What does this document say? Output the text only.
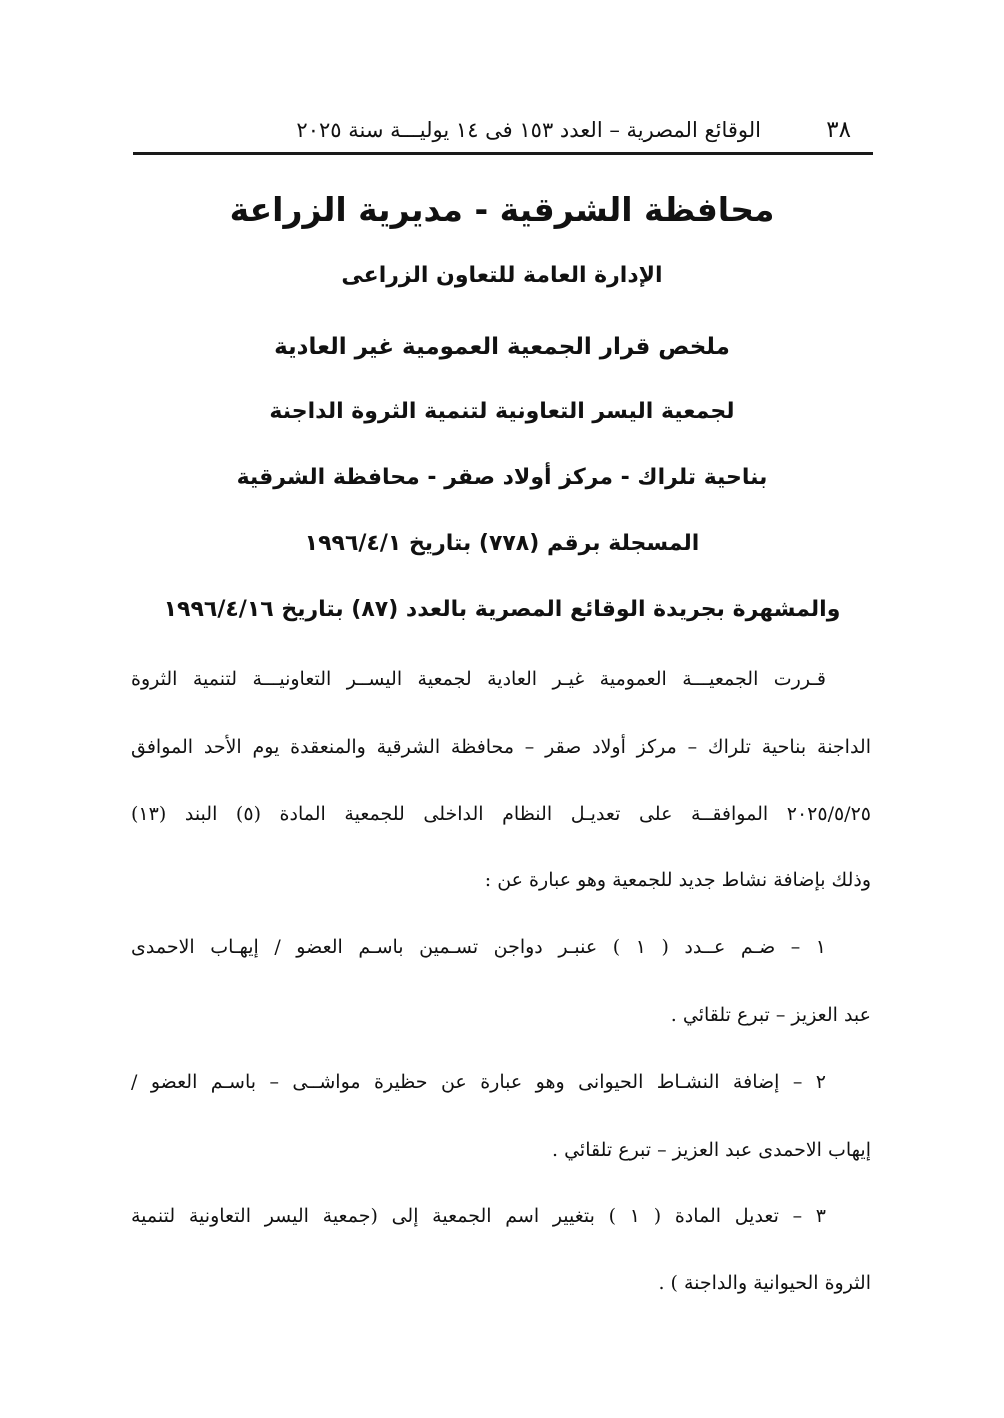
٣٨
الوقائع المصرية – العدد ١٥٣ فى ١٤ يوليـــة سنة ٢٠٢٥
محافظة الشرقية - مديرية الزراعة
الإدارة العامة للتعاون الزراعى
ملخص قرار الجمعية العمومية غير العادية
لجمعية اليسر التعاونية لتنمية الثروة الداجنة
بناحية تلراك - مركز أولاد صقر - محافظة الشرقية
المسجلة برقم (٧٧٨) بتاريخ ١٩٩٦/٤/١
والمشهرة بجريدة الوقائع المصرية بالعدد (٨٧) بتاريخ ١٩٩٦/٤/١٦
قـررت الجمعيـــة العمومية غيـر العادية لجمعية اليســر التعاونيـــة لتنمية الثروة
الداجنة بناحية تلراك – مركز أولاد صقر – محافظة الشرقية والمنعقدة يوم الأحد الموافق
٢٠٢٥/٥/٢٥ الموافقــة على تعديـل النظام الداخلى للجمعية المادة (٥) البند (١٣)
وذلك بإضافة نشاط جديد للجمعية وهو عبارة عن :
١ – ضـم عــدد ( ١ ) عنبـر دواجن تسـمين باسـم العضو / إيهـاب الاحمدى
عبد العزيز – تبرع تلقائي .
٢ – إضافة النشـاط الحيوانى وهو عبارة عن حظيرة مواشــى – باسـم العضو /
إيهاب الاحمدى عبد العزيز – تبرع تلقائي .
٣ – تعديل المادة ( ١ ) بتغيير اسم الجمعية إلى (جمعية اليسر التعاونية لتنمية
الثروة الحيوانية والداجنة ) .
